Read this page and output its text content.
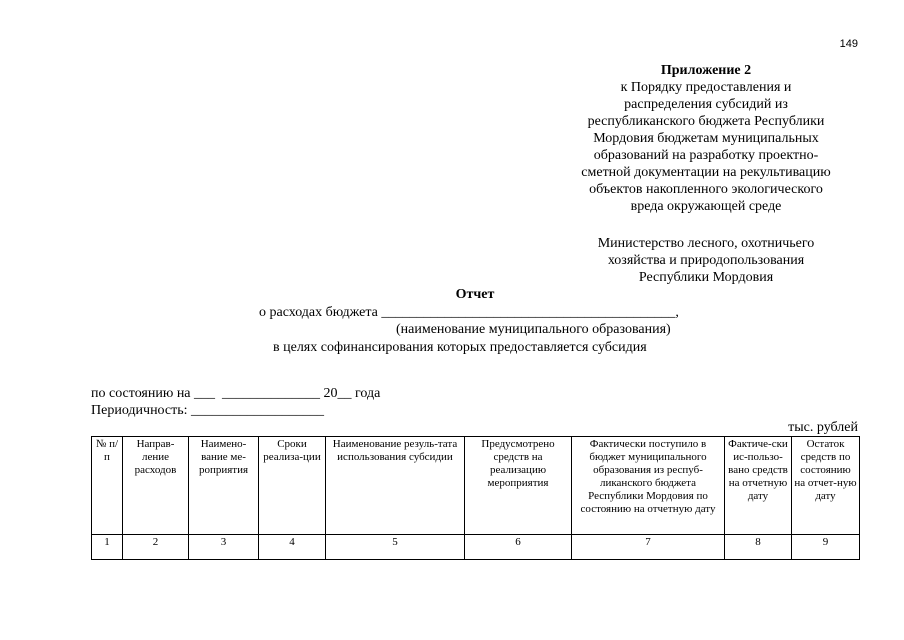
149
Приложение 2
к Порядку предоставления и
распределения субсидий из
республиканского бюджета Республики
Мордовия бюджетам муниципальных
образований на разработку проектно-
сметной документации на рекультивацию
объектов накопленного экологического
вреда окружающей среде
Министерство лесного, охотничьего
хозяйства и природопользования
Республики Мордовия
Отчет
о расходах бюджета __________________________________________,
(наименование муниципального образования)
в целях софинансирования которых предоставляется субсидия
по состоянию на ___  ______________ 20__ года
Периодичность: ___________________
тыс. рублей
№ п/п	Направ-ление расходов	Наимено-вание ме-роприятия	Сроки реализа-ции	Наименование резуль-тата использования субсидии	Предусмотрено средств на реализацию мероприятия	Фактически поступило в бюджет муниципального образования из респуб-ликанского бюджета Республики Мордовия по состоянию на отчетную дату	Фактиче-ски ис-пользо-вано средств на отчетную дату	Остаток средств по состоянию на отчет-ную дату
1	2	3	4	5	6	7	8	9
